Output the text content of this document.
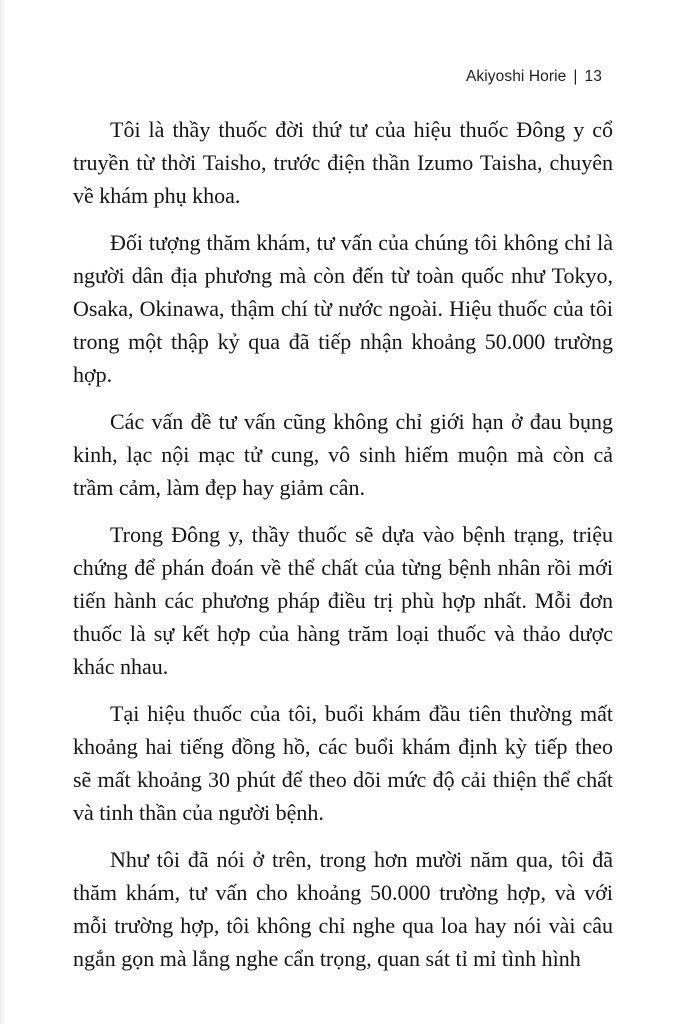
Akiyoshi Horie | 13

Tôi là thầy thuốc đời thứ tư của hiệu thuốc Đông y cổ truyền từ thời Taisho, trước điện thần Izumo Taisha, chuyên về khám phụ khoa.

Đối tượng thăm khám, tư vấn của chúng tôi không chỉ là người dân địa phương mà còn đến từ toàn quốc như Tokyo, Osaka, Okinawa, thậm chí từ nước ngoài. Hiệu thuốc của tôi trong một thập kỷ qua đã tiếp nhận khoảng 50.000 trường hợp.

Các vấn đề tư vấn cũng không chỉ giới hạn ở đau bụng kinh, lạc nội mạc tử cung, vô sinh hiếm muộn mà còn cả trầm cảm, làm đẹp hay giảm cân.

Trong Đông y, thầy thuốc sẽ dựa vào bệnh trạng, triệu chứng để phán đoán về thể chất của từng bệnh nhân rồi mới tiến hành các phương pháp điều trị phù hợp nhất. Mỗi đơn thuốc là sự kết hợp của hàng trăm loại thuốc và thảo dược khác nhau.

Tại hiệu thuốc của tôi, buổi khám đầu tiên thường mất khoảng hai tiếng đồng hồ, các buổi khám định kỳ tiếp theo sẽ mất khoảng 30 phút để theo dõi mức độ cải thiện thể chất và tinh thần của người bệnh.

Như tôi đã nói ở trên, trong hơn mười năm qua, tôi đã thăm khám, tư vấn cho khoảng 50.000 trường hợp, và với mỗi trường hợp, tôi không chỉ nghe qua loa hay nói vài câu ngắn gọn mà lắng nghe cẩn trọng, quan sát tỉ mỉ tình hình
